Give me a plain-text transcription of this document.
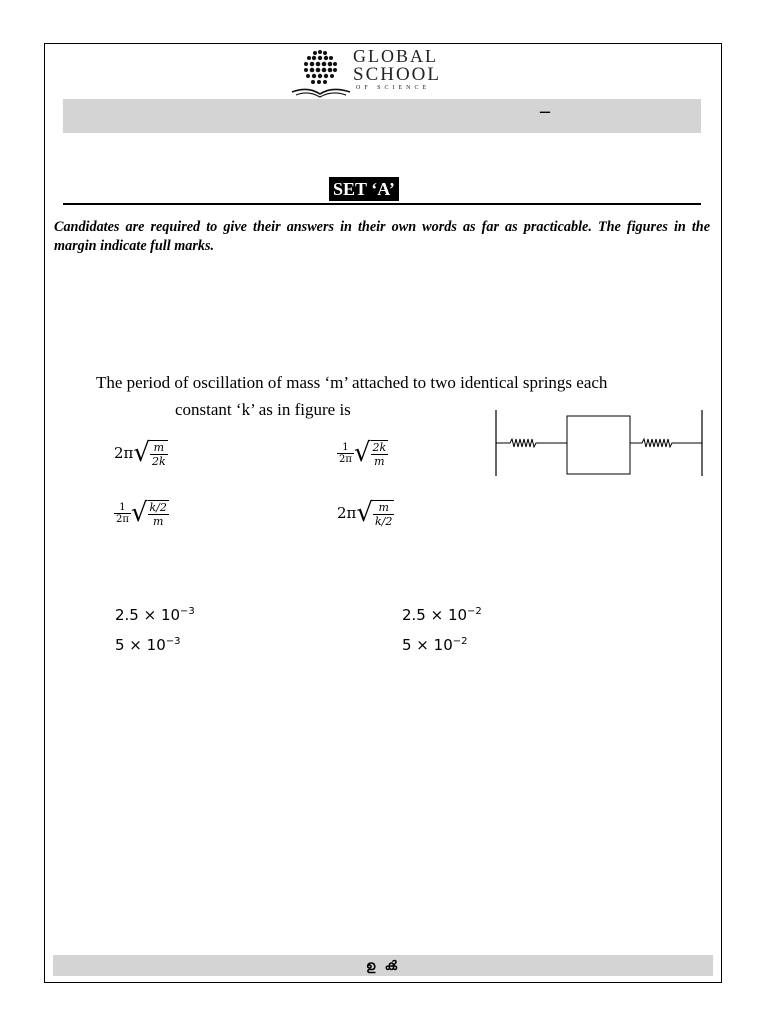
GLOBAL
SCHOOL
OF SCIENCE
–
SET ‘A’
Candidates are required to give their answers in their own words as far as practicable. The figures in the margin indicate full marks.
The period of oscillation of mass ‘m’ attached to two identical springs each
constant ‘k’ as in figure is
2π √ $\frac{m}{2k}$	$\frac{1}{2\pi}$ √ $\frac{2k}{m}$
$\frac{1}{2\pi}$ √ $\frac{k/2}{m}$	2π √ $\frac{m}{k/2}$
$2.5 \times 10^{-3}$	$2.5 \times 10^{-2}$
$5 \times 10^{-3}$	$5 \times 10^{-2}$
ഉ ൿ
